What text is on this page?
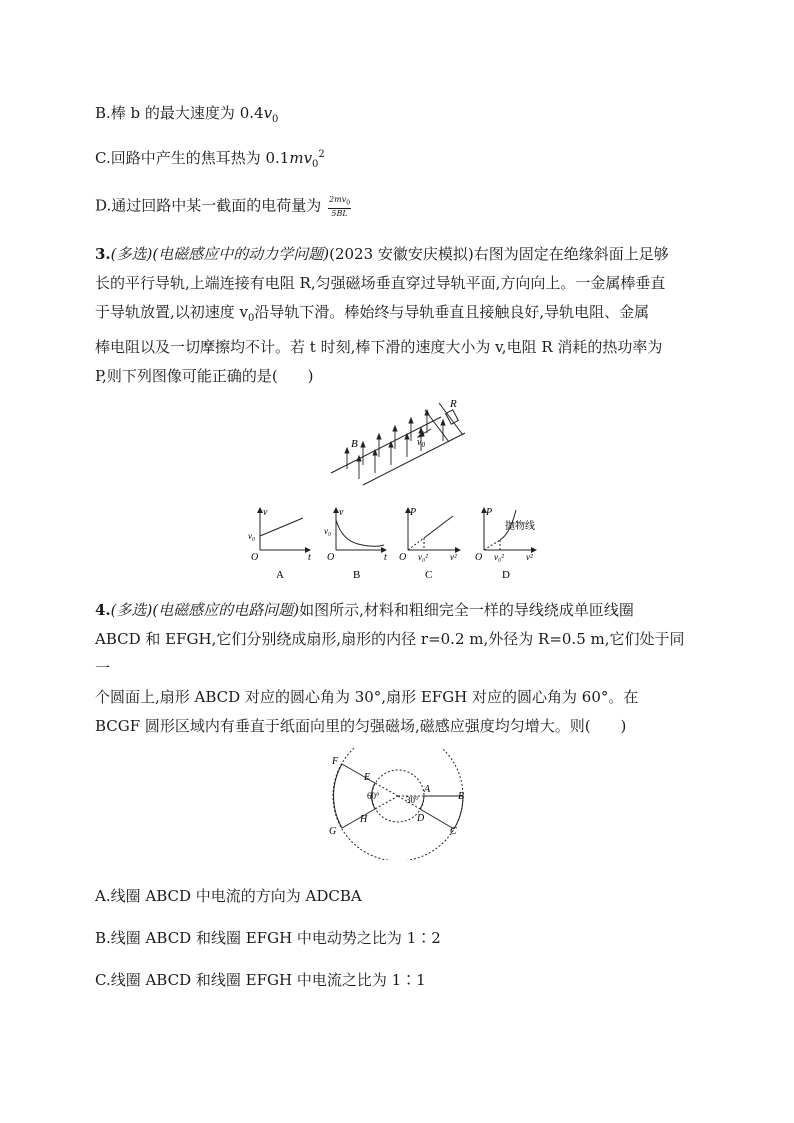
B.棒 b 的最大速度为 $0.4v_0$
C.回路中产生的焦耳热为 $0.1mv_0^2$
D.通过回路中某一截面的电荷量为 $\frac{2mv_0}{5BL}$
3.(多选)(电磁感应中的动力学问题)(2023 安徽安庆模拟)右图为固定在绝缘斜面上足够
长的平行导轨,上端连接有电阻 R,匀强磁场垂直穿过导轨平面,方向向上。一金属棒垂直
于导轨放置,以初速度 $v_0$沿导轨下滑。棒始终与导轨垂直且接触良好,导轨电阻、金属
棒电阻以及一切摩擦均不计。若 t 时刻,棒下滑的速度大小为 v,电阻 R 消耗的热功率为
P,则下列图像可能正确的是(　　)
B
R
$v_0$
v
v₀
O	t
A
v
v₀
O	t
B
P
O v₀² v²
C
P
抛物线
O v₀² v²
D
4.(多选)(电磁感应的电路问题)如图所示,材料和粗细完全一样的导线绕成单匝线圈
ABCD 和 EFGH,它们分别绕成扇形,扇形的内径 r=0.2 m,外径为 R=0.5 m,它们处于同一
个圆面上,扇形 ABCD 对应的圆心角为 30°,扇形 EFGH 对应的圆心角为 60°。在
BCGF 圆形区域内有垂直于纸面向里的匀强磁场,磁感应强度均匀增大。则(　　)
F
E
60°	30°
A
B
D
C
H
G
A.线圈 ABCD 中电流的方向为 ADCBA
B.线圈 ABCD 和线圈 EFGH 中电动势之比为 1∶2
C.线圈 ABCD 和线圈 EFGH 中电流之比为 1∶1
